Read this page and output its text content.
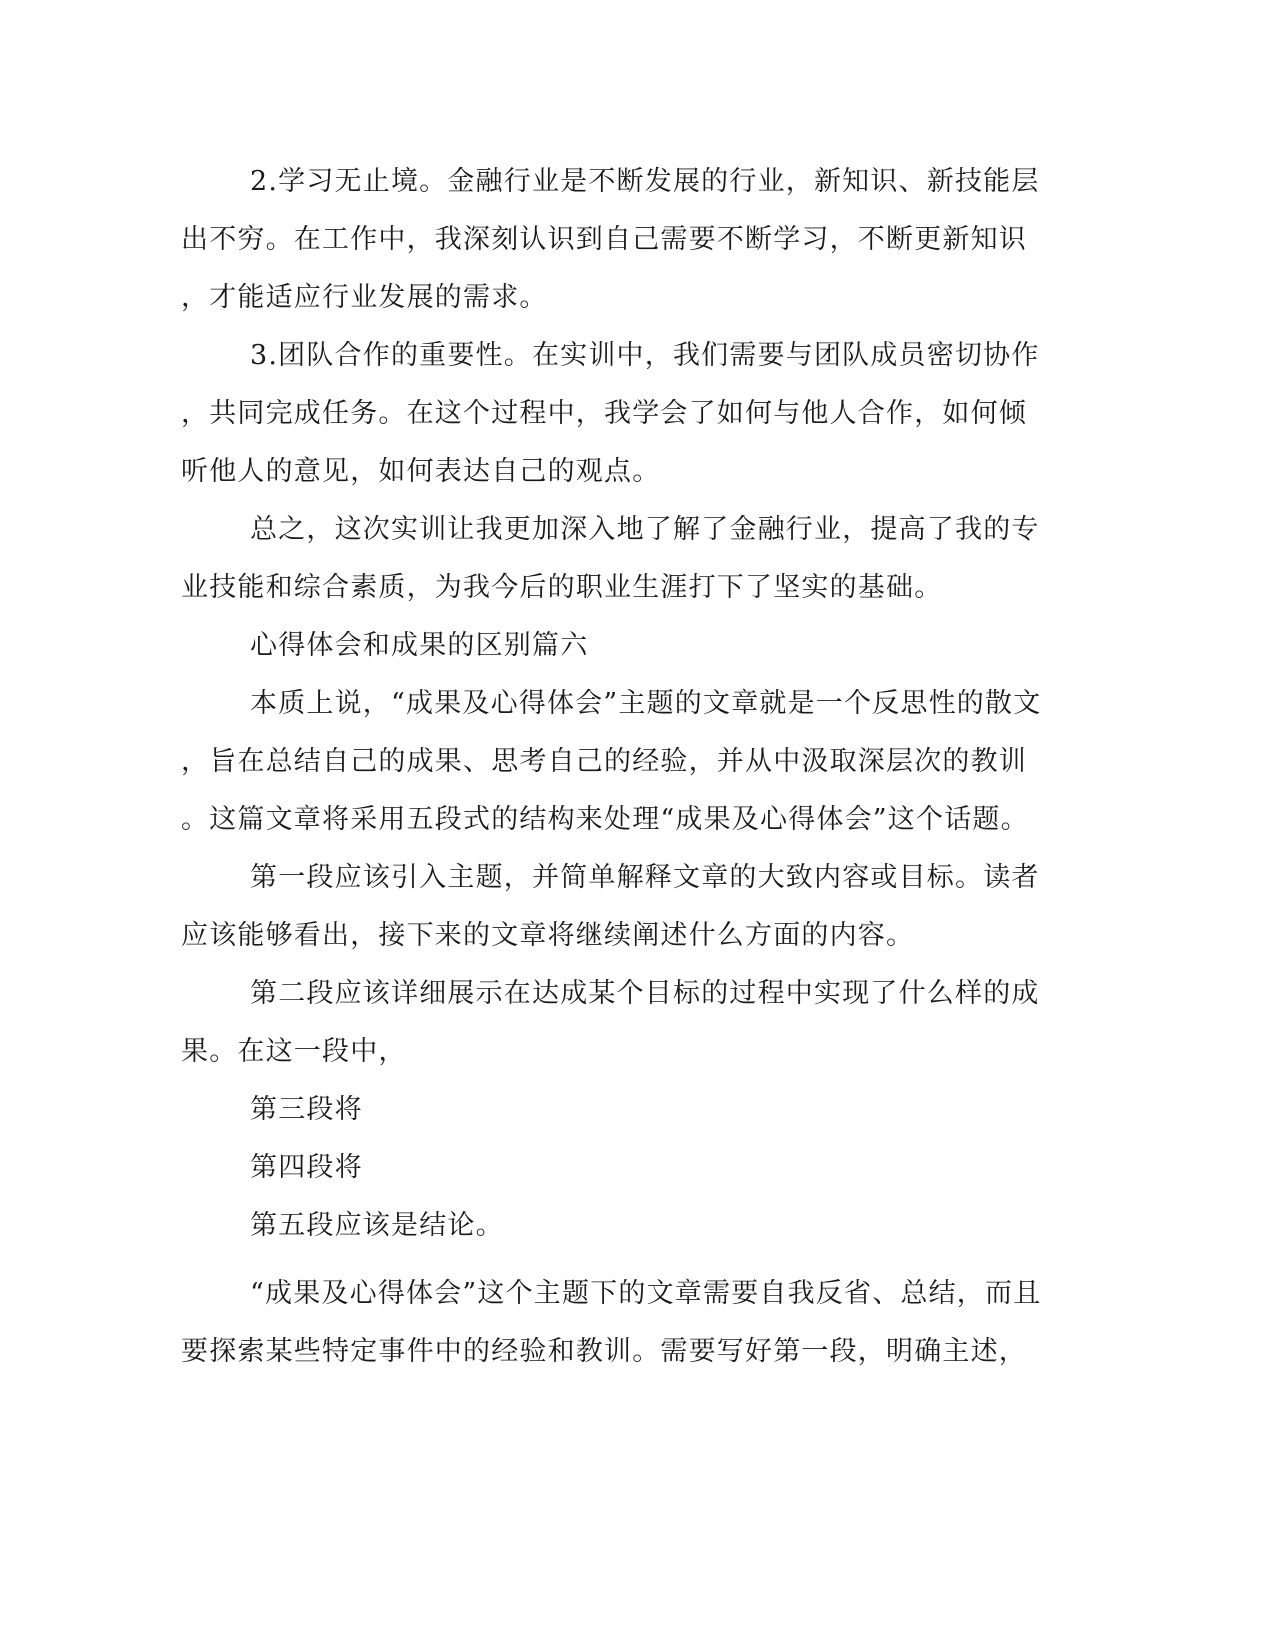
2.学习无止境。金融行业是不断发展的行业，新知识、新技能层
出不穷。在工作中，我深刻认识到自己需要不断学习，不断更新知识
，才能适应行业发展的需求。
3.团队合作的重要性。在实训中，我们需要与团队成员密切协作
，共同完成任务。在这个过程中，我学会了如何与他人合作，如何倾
听他人的意见，如何表达自己的观点。
总之，这次实训让我更加深入地了解了金融行业，提高了我的专
业技能和综合素质，为我今后的职业生涯打下了坚实的基础。
心得体会和成果的区别篇六
本质上说，“成果及心得体会”主题的文章就是一个反思性的散文
，旨在总结自己的成果、思考自己的经验，并从中汲取深层次的教训
。这篇文章将采用五段式的结构来处理“成果及心得体会”这个话题。
第一段应该引入主题，并简单解释文章的大致内容或目标。读者
应该能够看出，接下来的文章将继续阐述什么方面的内容。
第二段应该详细展示在达成某个目标的过程中实现了什么样的成
果。在这一段中，
第三段将
第四段将
第五段应该是结论。
“成果及心得体会”这个主题下的文章需要自我反省、总结，而且
要探索某些特定事件中的经验和教训。需要写好第一段，明确主述，
